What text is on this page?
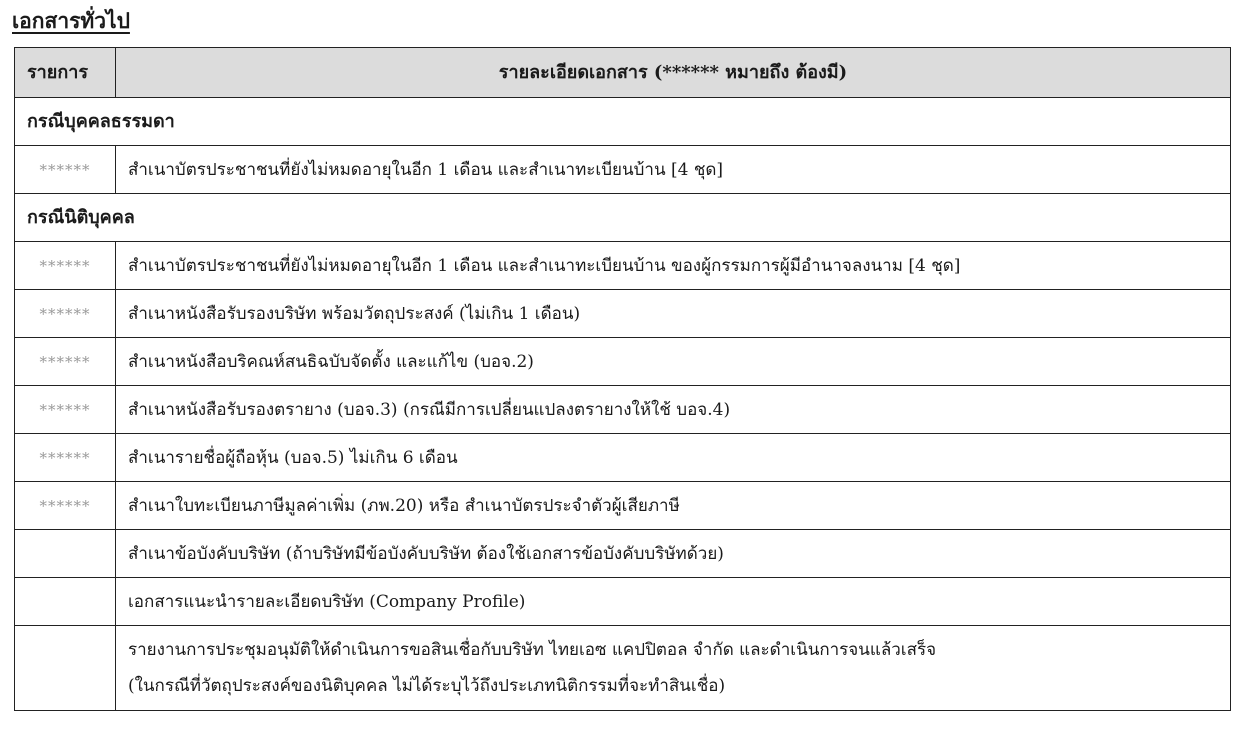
เอกสารทั่วไป
รายการ	รายละเอียดเอกสาร (****** หมายถึง ต้องมี)
กรณีบุคคลธรรมดา	
******	สำเนาบัตรประชาชนที่ยังไม่หมดอายุในอีก 1 เดือน และสำเนาทะเบียนบ้าน [4 ชุด]
กรณีนิติบุคคล	
******	สำเนาบัตรประชาชนที่ยังไม่หมดอายุในอีก 1 เดือน และสำเนาทะเบียนบ้าน ของผู้กรรมการผู้มีอำนาจลงนาม [4 ชุด]
******	สำเนาหนังสือรับรองบริษัท พร้อมวัตถุประสงค์ (ไม่เกิน 1 เดือน)
******	สำเนาหนังสือบริคณห์สนธิฉบับจัดตั้ง และแก้ไข (บอจ.2)
******	สำเนาหนังสือรับรองตรายาง (บอจ.3) (กรณีมีการเปลี่ยนแปลงตรายางให้ใช้ บอจ.4)
******	สำเนารายชื่อผู้ถือหุ้น (บอจ.5) ไม่เกิน 6 เดือน
******	สำเนาใบทะเบียนภาษีมูลค่าเพิ่ม (ภพ.20) หรือ สำเนาบัตรประจำตัวผู้เสียภาษี
	สำเนาข้อบังคับบริษัท (ถ้าบริษัทมีข้อบังคับบริษัท ต้องใช้เอกสารข้อบังคับบริษัทด้วย)
	เอกสารแนะนำรายละเอียดบริษัท (Company Profile)

	รายงานการประชุมอนุมัติให้ดำเนินการขอสินเชื่อกับบริษัท ไทยเอซ แคปปิตอล จำกัด และดำเนินการจนแล้วเสร็จ
(ในกรณีที่วัตถุประสงค์ของนิติบุคคล ไม่ได้ระบุไว้ถึงประเภทนิติกรรมที่จะทำสินเชื่อ)
